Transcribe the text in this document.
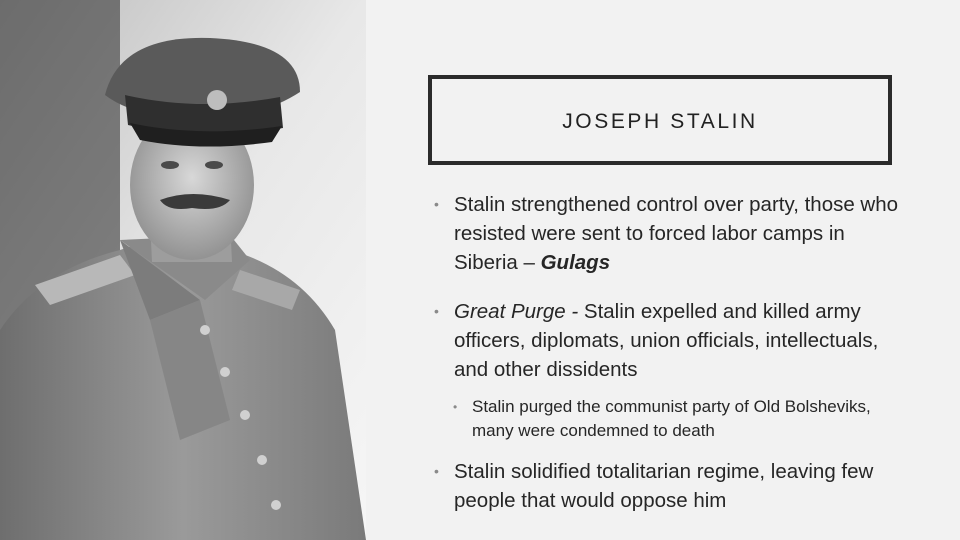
JOSEPH STALIN
• Stalin strengthened control over party, those who resisted were sent to forced labor camps in Siberia – Gulags
• Great Purge - Stalin expelled and killed army officers, diplomats, union officials, intellectuals, and other dissidents
• Stalin purged the communist party of Old Bolsheviks, many were condemned to death
• Stalin solidified totalitarian regime, leaving few people that would oppose him
